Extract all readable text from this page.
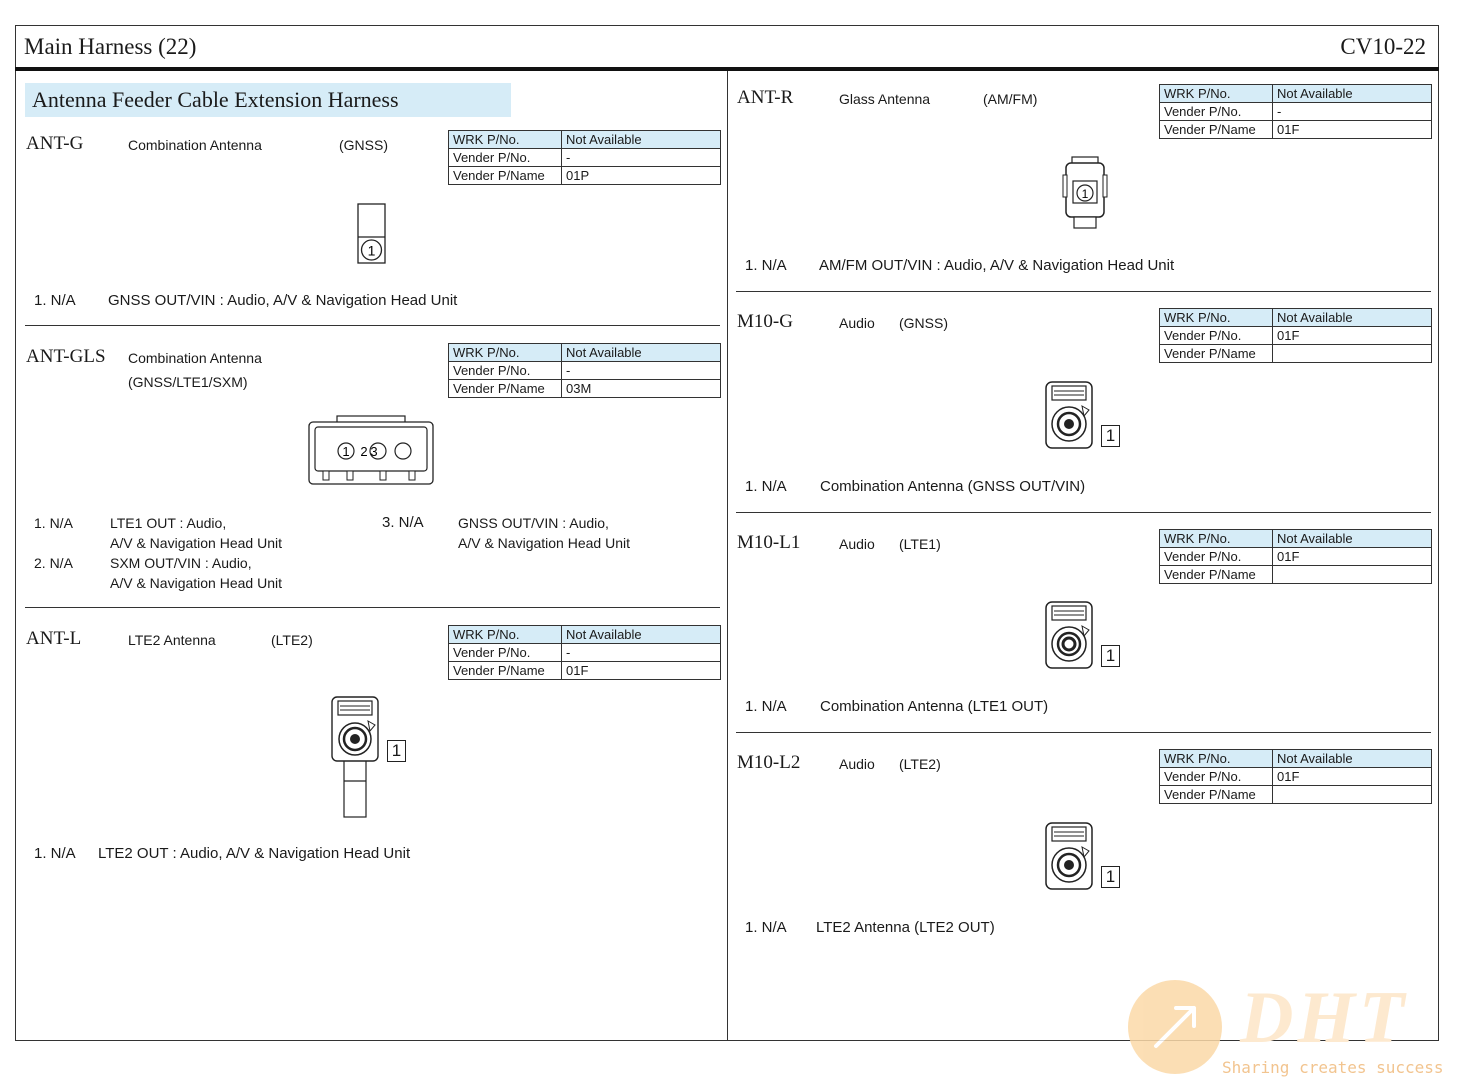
Main Harness (22)	CV10-22
Antenna Feeder Cable Extension Harness
ANT-G	Combination Antenna	(GNSS)	WRK P/No.	Not Available
Vender P/No.	-
Vender P/Name	01P
1
1. N/A GNSS OUT/VIN : Audio, A/V & Navigation Head Unit
ANT-GLS Combination Antenna
(GNSS/LTE1/SXM)
WRK P/No.	Not Available
Vender P/No.	-
Vender P/Name	03M
1 2 3
1. N/A	LTE1 OUT : Audio,
A/V & Navigation Head Unit
2. N/A	SXM OUT/VIN : Audio,
A/V & Navigation Head Unit
3. N/A GNSS OUT/VIN : Audio,
A/V & Navigation Head Unit
ANT-L	LTE2 Antenna	(LTE2)	WRK P/No.	Not Available
Vender P/No.	-
Vender P/Name	01F
1
1. N/A LTE2 OUT : Audio, A/V & Navigation Head Unit
ANT-R	Glass Antenna	(AM/FM)	WRK P/No.	Not Available
Vender P/No.	-
Vender P/Name	01F
1
1. N/A AM/FM OUT/VIN : Audio, A/V & Navigation Head Unit
M10-G	Audio (GNSS)	WRK P/No.	Not Available
Vender P/No.	01F
Vender P/Name	
1
1. N/A Combination Antenna (GNSS OUT/VIN)
M10-L1	Audio (LTE1)	WRK P/No.	Not Available
Vender P/No.	01F
Vender P/Name	
1
1. N/A Combination Antenna (LTE1 OUT)
M10-L2	Audio (LTE2)	WRK P/No.	Not Available
Vender P/No.	01F
Vender P/Name	
1
1. N/A LTE2 Antenna (LTE2 OUT)
DHT
Sharing creates success
